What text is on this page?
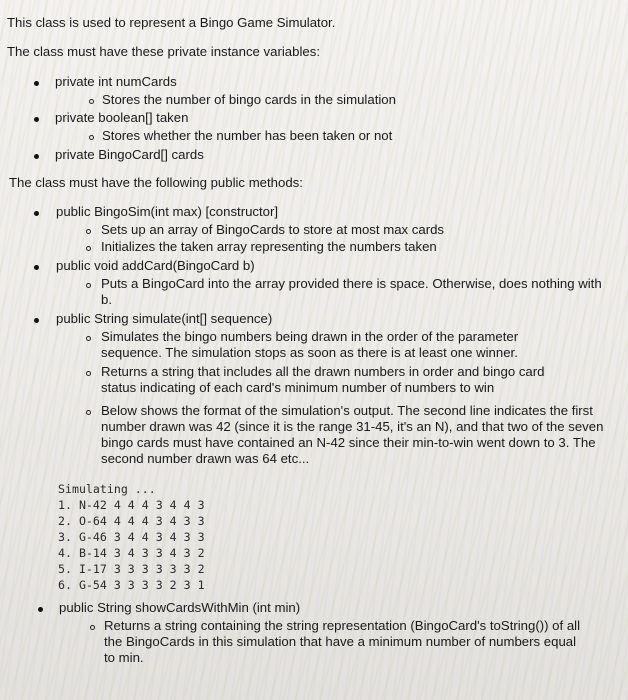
This class is used to represent a Bingo Game Simulator.
The class must have these private instance variables:
private int numCards
Stores the number of bingo cards in the simulation
private boolean[] taken
Stores whether the number has been taken or not
private BingoCard[] cards
The class must have the following public methods:
public BingoSim(int max) [constructor]
Sets up an array of BingoCards to store at most max cards
Initializes the taken array representing the numbers taken
public void addCard(BingoCard b)
Puts a BingoCard into the array provided there is space. Otherwise, does nothing with b.
public String simulate(int[] sequence)
Simulates the bingo numbers being drawn in the order of the parameter sequence. The simulation stops as soon as there is at least one winner.
Returns a string that includes all the drawn numbers in order and bingo card status indicating of each card's minimum number of numbers to win
Below shows the format of the simulation's output. The second line indicates the first number drawn was 42 (since it is the range 31-45, it's an N), and that two of the seven bingo cards must have contained an N-42 since their min-to-win went down to 3. The second number drawn was 64 etc...
Simulating ...
1. N-42 4 4 4 3 4 4 3
2. O-64 4 4 4 3 4 3 3
3. G-46 3 4 4 3 4 3 3
4. B-14 3 4 3 3 4 3 2
5. I-17 3 3 3 3 3 3 2
6. G-54 3 3 3 3 2 3 1
public String showCardsWithMin (int min)
Returns a string containing the string representation (BingoCard's toString()) of all the BingoCards in this simulation that have a minimum number of numbers equal to min.
